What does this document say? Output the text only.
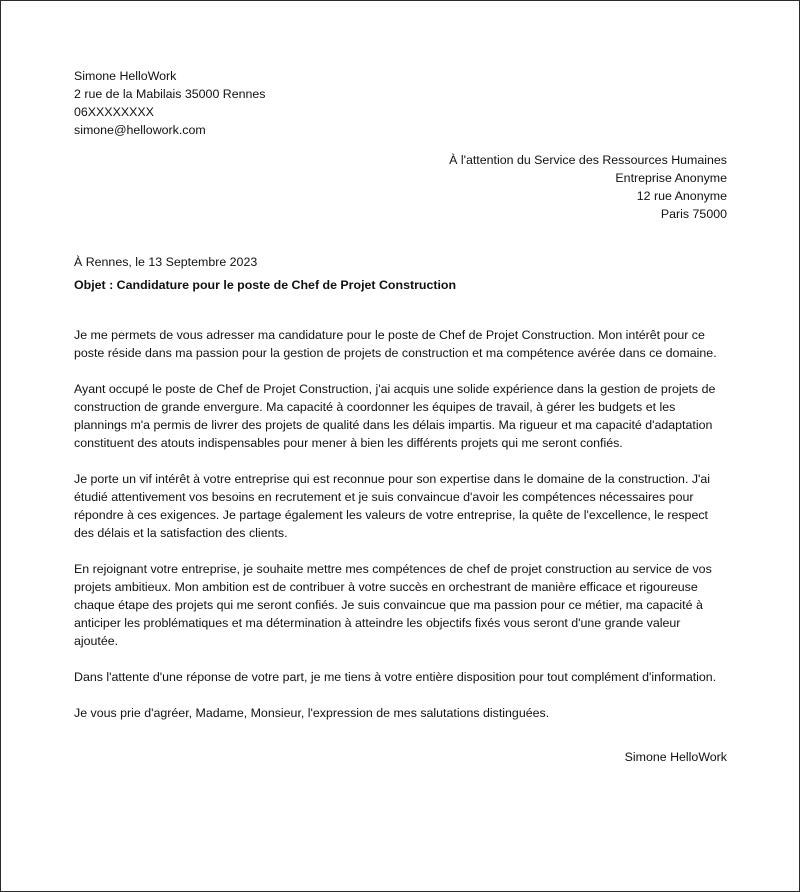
Simone HelloWork
2 rue de la Mabilais 35000 Rennes
06XXXXXXXX
simone@hellowork.com
À l'attention du Service des Ressources Humaines
Entreprise Anonyme
12 rue Anonyme
Paris 75000
À Rennes, le 13 Septembre 2023
Objet : Candidature pour le poste de Chef de Projet Construction

Je me permets de vous adresser ma candidature pour le poste de Chef de Projet Construction. Mon intérêt pour ce poste réside dans ma passion pour la gestion de projets de construction et ma compétence avérée dans ce domaine.

Ayant occupé le poste de Chef de Projet Construction, j'ai acquis une solide expérience dans la gestion de projets de construction de grande envergure. Ma capacité à coordonner les équipes de travail, à gérer les budgets et les plannings m'a permis de livrer des projets de qualité dans les délais impartis. Ma rigueur et ma capacité d'adaptation constituent des atouts indispensables pour mener à bien les différents projets qui me seront confiés.

Je porte un vif intérêt à votre entreprise qui est reconnue pour son expertise dans le domaine de la construction. J'ai étudié attentivement vos besoins en recrutement et je suis convaincue d'avoir les compétences nécessaires pour répondre à ces exigences. Je partage également les valeurs de votre entreprise, la quête de l'excellence, le respect des délais et la satisfaction des clients.

En rejoignant votre entreprise, je souhaite mettre mes compétences de chef de projet construction au service de vos projets ambitieux. Mon ambition est de contribuer à votre succès en orchestrant de manière efficace et rigoureuse chaque étape des projets qui me seront confiés. Je suis convaincue que ma passion pour ce métier, ma capacité à anticiper les problématiques et ma détermination à atteindre les objectifs fixés vous seront d'une grande valeur ajoutée.

Dans l'attente d'une réponse de votre part, je me tiens à votre entière disposition pour tout complément d'information.

Je vous prie d'agréer, Madame, Monsieur, l'expression de mes salutations distinguées.

Simone HelloWork
